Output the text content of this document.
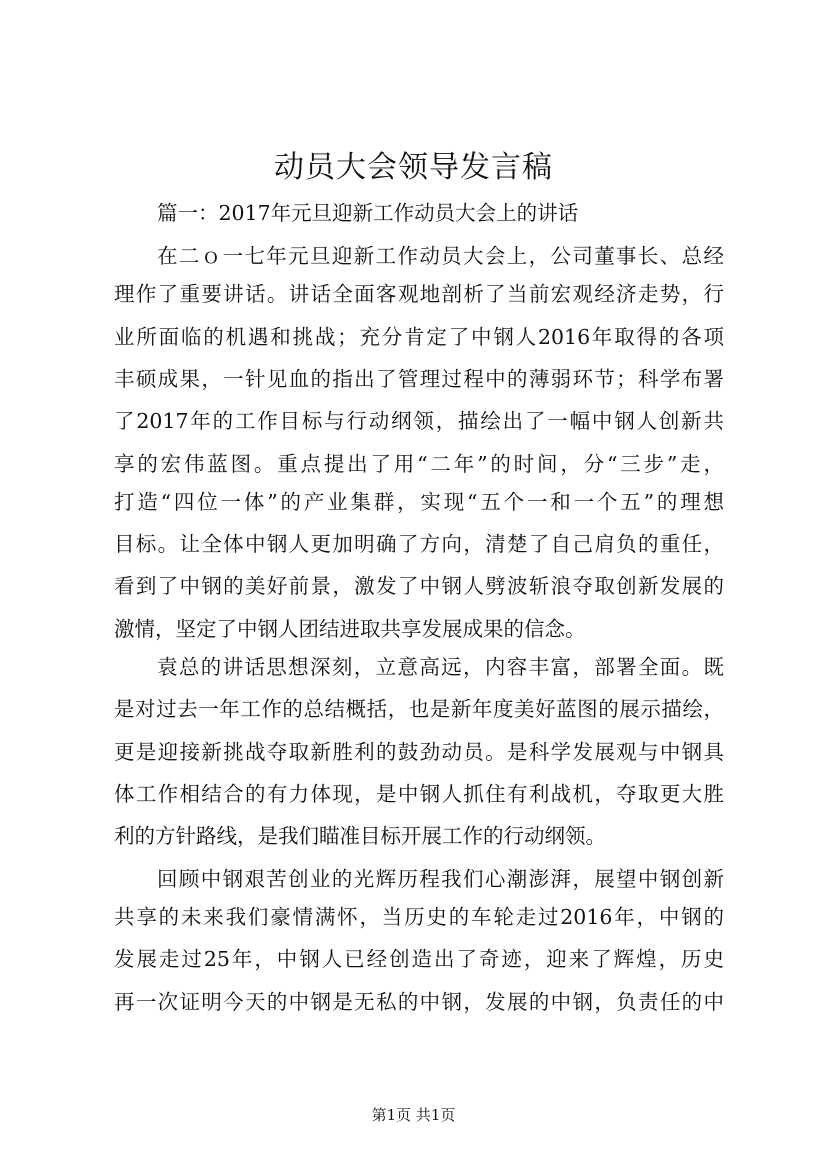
动员大会领导发言稿
篇一：2017年元旦迎新工作动员大会上的讲话
在二ｏ一七年元旦迎新工作动员大会上，公司董事长、总经
理作了重要讲话。讲话全面客观地剖析了当前宏观经济走势，行
业所面临的机遇和挑战；充分肯定了中钢人2016年取得的各项
丰硕成果，一针见血的指出了管理过程中的薄弱环节；科学布署
了2017年的工作目标与行动纲领，描绘出了一幅中钢人创新共
享的宏伟蓝图。重点提出了用“二年”的时间，分“三步”走，
打造“四位一体”的产业集群，实现“五个一和一个五”的理想
目标。让全体中钢人更加明确了方向，清楚了自己肩负的重任，
看到了中钢的美好前景，激发了中钢人劈波斩浪夺取创新发展的
激情，坚定了中钢人团结进取共享发展成果的信念。
袁总的讲话思想深刻，立意高远，内容丰富，部署全面。既
是对过去一年工作的总结概括，也是新年度美好蓝图的展示描绘，
更是迎接新挑战夺取新胜利的鼓劲动员。是科学发展观与中钢具
体工作相结合的有力体现，是中钢人抓住有利战机，夺取更大胜
利的方针路线，是我们瞄准目标开展工作的行动纲领。
回顾中钢艰苦创业的光辉历程我们心潮澎湃，展望中钢创新
共享的未来我们豪情满怀，当历史的车轮走过2016年，中钢的
发展走过25年，中钢人已经创造出了奇迹，迎来了辉煌，历史
再一次证明今天的中钢是无私的中钢，发展的中钢，负责任的中
第1页 共1页
